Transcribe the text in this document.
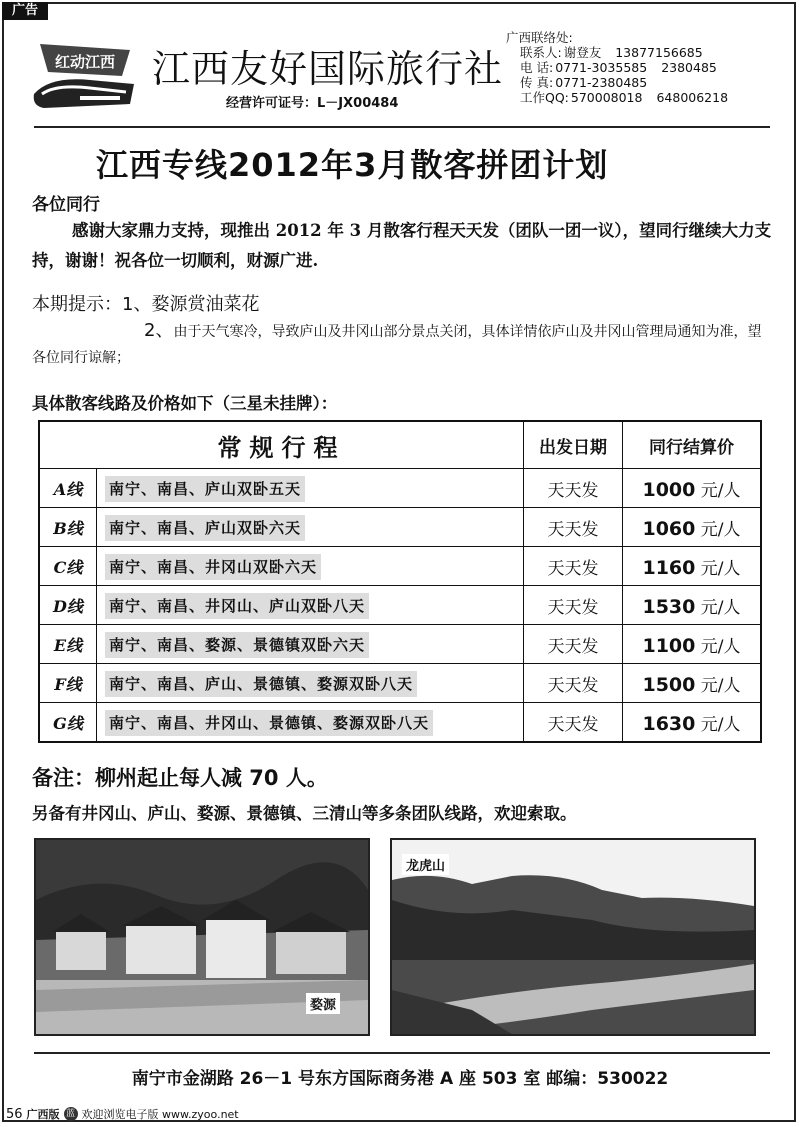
广告
红动江西 江西友好国际旅行社
经营许可证号：L－JX00484
广西联络处:
联系人: 谢登友 13877156685
电 话: 0771-3035585 2380485
传 真: 0771-2380485
工作QQ: 570008018 648006218
江西专线2012年3月散客拼团计划
各位同行
感谢大家鼎力支持，现推出 2012 年 3 月散客行程天天发（团队一团一议），望同行继续大力支持，谢谢！祝各位一切顺利，财源广进.
本期提示：1、婺源赏油菜花
2、由于天气寒冷，导致庐山及井冈山部分景点关闭，具体详情依庐山及井冈山管理局通知为准，望各位同行谅解；
具体散客线路及价格如下（三星未挂牌）：
常规行程		出发日期	同行结算价
A线	南宁、南昌、庐山双卧五天	天天发	1000 元/人
B线	南宁、南昌、庐山双卧六天	天天发	1060 元/人
C线	南宁、南昌、井冈山双卧六天	天天发	1160 元/人
D线	南宁、南昌、井冈山、庐山双卧八天	天天发	1530 元/人
E线	南宁、南昌、婺源、景德镇双卧六天	天天发	1100 元/人
F线	南宁、南昌、庐山、景德镇、婺源双卧八天	天天发	1500 元/人
G线	南宁、南昌、井冈山、景德镇、婺源双卧八天	天天发	1630 元/人
备注：柳州起止每人减 70 人。
另备有井冈山、庐山、婺源、景德镇、三清山等多条团队线路，欢迎索取。
婺源
龙虎山
南宁市金湖路 26－1 号东方国际商务港 A 座 503 室 邮编：530022
56 广西版 蓝 欢迎浏览电子版 www.zyoo.net
